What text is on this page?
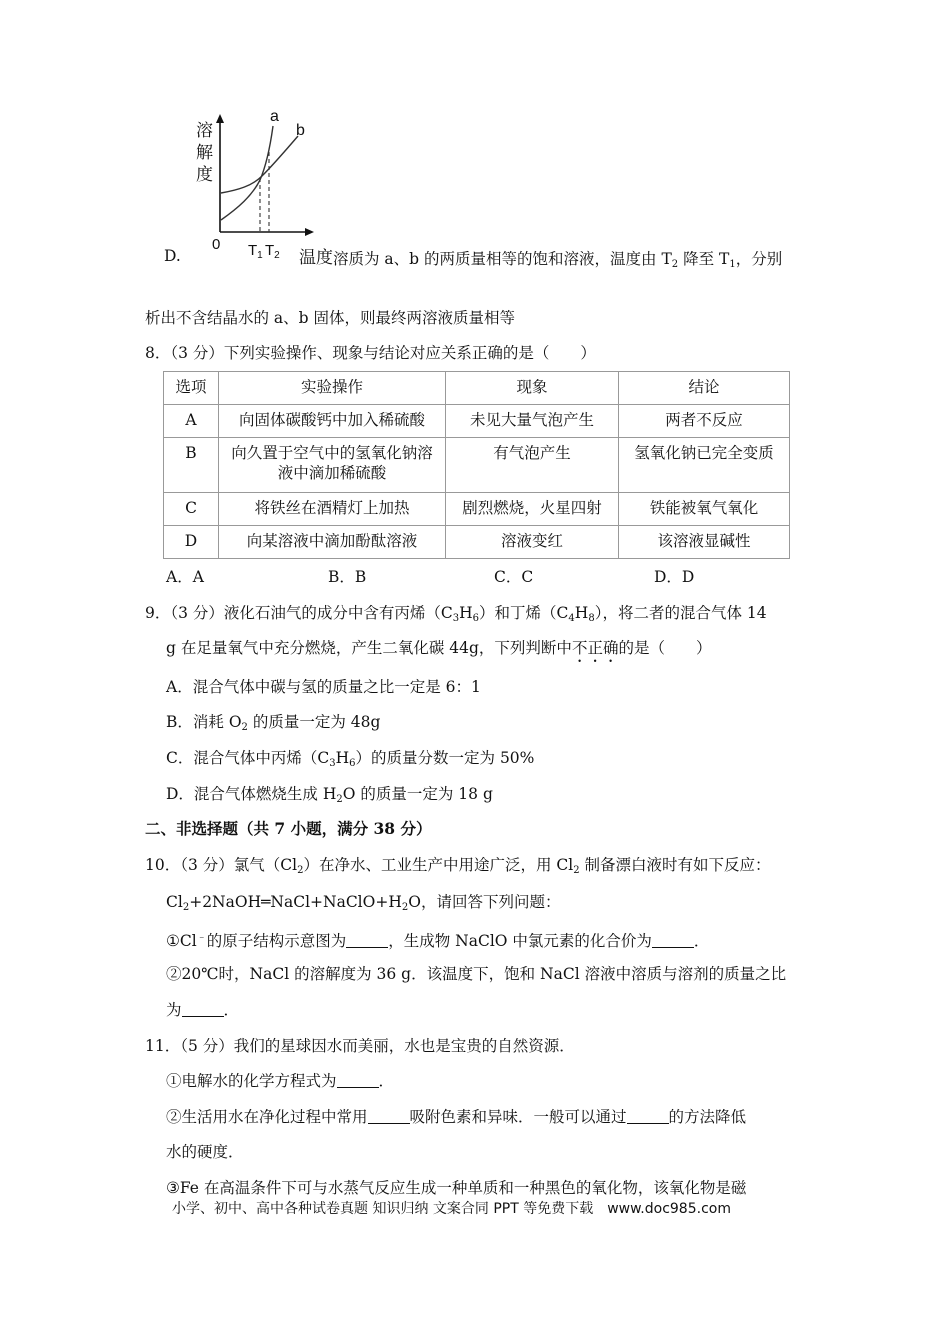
溶
解
度
a
b
0 $T_1$ $T_2$
D.	温度 溶质为 a、b 的两质量相等的饱和溶液，温度由 $T_2$ 降至 $T_1$，分别
析出不含结晶水的 a、b 固体，则最终两溶液质量相等
8．（3 分）下列实验操作、现象与结论对应关系正确的是（　　）
选项	实验操作	现象	结论
A	向固体碳酸钙中加入稀硫酸	未见大量气泡产生	两者不反应
B	向久置于空气中的氢氧化钠溶液中滴加稀硫酸	有气泡产生	氢氧化钠已完全变质
C	将铁丝在酒精灯上加热	剧烈燃烧，火星四射	铁能被氧气氧化
D	向某溶液中滴加酚酞溶液	溶液变红	该溶液显碱性
A．A	B．B	C．C	D．D
9．（3 分）液化石油气的成分中含有丙烯$(C_3H_6)$和丁烯$(C_4H_8)$，将二者的混合气体 14
g 在足量氧气中充分燃烧，产生二氧化碳 44g，下列判断中不正确的是（　　）
A．混合气体中碳与氢的质量之比一定是 6：1
B．消耗 $O_2$ 的质量一定为 48g
C．混合气体中丙烯$(C_3H_6)$的质量分数一定为 50%
D．混合气体燃烧生成 $H_2O$ 的质量一定为 18 g
二、非选择题（共 7 小题，满分 38 分）
10．（3 分）氯气$(Cl_2)$在净水、工业生产中用途广泛，用 $Cl_2$ 制备漂白液时有如下反应：
$Cl_2+2NaOH═NaCl+NaClO+H_2O$，请回答下列问题：
①Cl﹣的原子结构示意图为	，生成物 NaClO 中氯元素的化合价为	．
②20℃时，NaCl 的溶解度为 36 g．该温度下，饱和 NaCl 溶液中溶质与溶剂的质量之比
为	．
11．（5 分）我们的星球因水而美丽，水也是宝贵的自然资源．
①电解水的化学方程式为	．
②生活用水在净化过程中常用	吸附色素和异味．一般可以通过	的方法降低
水的硬度．
③Fe 在高温条件下可与水蒸气反应生成一种单质和一种黑色的氧化物，该氧化物是磁
小学、初中、高中各种试卷真题 知识归纳 文案合同 PPT 等免费下载　www.doc985.com
